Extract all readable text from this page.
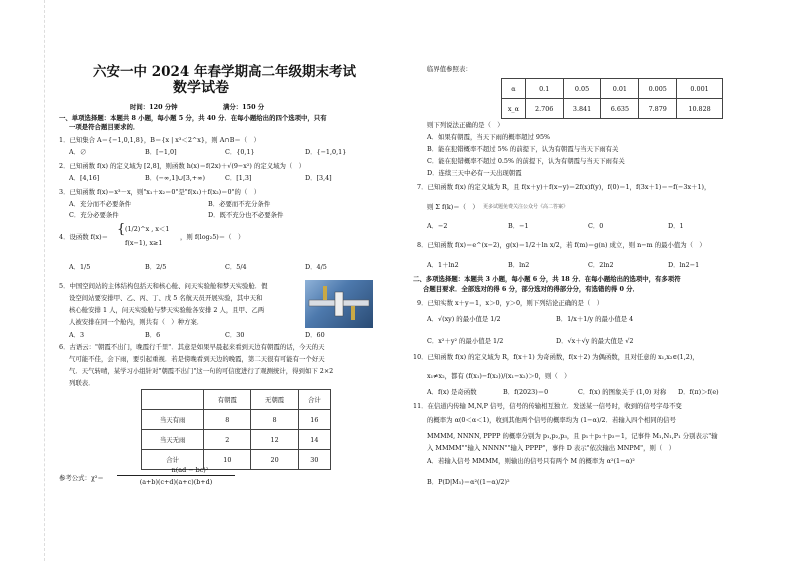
六安一中 2024 年春学期高二年级期末考试
数学试卷
时间：120 分钟	满分：150 分
一、单项选择题：本题共 8 小题，每小题 5 分，共 40 分．在每小题给出的四个选项中，只有
一项是符合题目要求的．
1．已知集合 A＝{−1,0,1,8}，B＝{x | x³＜2^x}，则 A∩B＝（　）
A．∅	B．[−1,0]	C．{0,1}	D．{−1,0,1}
2．已知函数 f(x) 的定义域为 [2,8]，则函数 h(x)＝f(2x)＋√(9−x²) 的定义域为（　）
A．[4,16]	B．(−∞,1]∪[3,+∞)	C．[1,3]	D．[3,4]
3．已知函数 f(x)＝x³－x，则"x₁＋x₂＝0"是"f(x₁)＋f(x₂)＝0"的（　）
A．充分而不必要条件	B．必要而不充分条件
C．充分必要条件	D．既不充分也不必要条件
4．设函数 f(x)＝ { (1/2)^x , x＜1
f(x−1), x≥1
，则 f(log₂5)＝（　）
A．1/5	B．2/5	C．5/4	D．4/5
5．中国空间站的主体结构包括天和核心舱、问天实验舱和梦天实验舱．假
设空间站要安排甲、乙、丙、丁、戊 5 名航天员开展实验，其中天和
核心舱安排 1 人，问天实验舱与梦天实验舱各安排 2 人，且甲、乙两
人被安排在同一个舱内，则共有（　）种方案．
A．3	B．6	C．30	D．60
6．古语云："朝霞不出门，晚霞行千里"．其意是如果早晨起来看到天边有朝霞的话，今天的天
气可能不佳，会下雨，要引起重视．若是傍晚看到天边的晚霞，第二天很有可能有一个好天
气．天气转晴，某学习小组针对"朝霞不出门"这一句的可信度进行了观测统计，得到如下 2×2
列联表．
	有朝霞	无朝霞	合计
当天有雨	8	8	16
当天无雨	2	12	14
合计	10	20	30
参考公式：χ²＝
n(ad − bc)²
(a+b)(c+d)(a+c)(b+d)
临界值参照表：
α	0.1	0.05	0.01	0.005	0.001
x_α	2.706	3.841	6.635	7.879	10.828
则下列说法正确的是（　）
A．如果有朝霞，当天下雨的概率超过 95%
B．能在犯错概率不超过 5% 的前提下，认为有朝霞与当天下雨有关
C．能在犯错概率不超过 0.5% 的前提下，认为有朝霞与当天下雨有关
D．连续三天中必有一天出现朝霞
7．已知函数 f(x) 的定义域为 R，且 f(x＋y)＋f(x−y)＝2f(x)f(y)，f(0)＝1，f(3x＋1)＝−f(−3x＋1)，
则 Σ f(k)＝（　） 更多试题免费关注公众号《高二答案》
A．−2	B．−1	C．0	D．1
8．已知函数 f(x)＝e^(x−2)，g(x)＝1/2＋ln x/2，若 f(m)＝g(n) 成立，则 n−m 的最小值为（　）
A．1＋ln2	B．ln2	C．2ln2	D．ln2−1
二、多项选择题：本题共 3 小题，每小题 6 分，共 18 分．在每小题给出的选项中，有多项符
合题目要求．全部选对的得 6 分，部分选对的得部分分，有选错的得 0 分．
9．已知实数 x＋y＝1，x＞0，y＞0，则下列结论正确的是（　）
A．√(xy) 的最小值是 1/2	B．1/x＋1/y 的最小值是 4
C．x²＋y² 的最小值是 1/2	D．√x＋√y 的最大值是 √2
10．已知函数 f(x) 的定义域为 R，f(x＋1) 为奇函数，f(x＋2) 为偶函数，且对任意的 x₁,x₂∈(1,2)，
x₁≠x₂，都有 (f(x₁)−f(x₂))/(x₁−x₂)＞0，则（　）
A．f(x) 是奇函数	B．f(2023)＝0	C．f(x) 的图象关于 (1,0) 对称 D．f(π)＞f(e)
11．在信道内传输 M,N,P 信号，信号的传输相互独立．发送某一信号时，收到的信号字母不变
的概率为 α(0＜α＜1)，收到其他两个信号的概率均为 (1−α)/2．若输入四个相同的信号
MMMM, NNNN, PPPP 的概率分别为 p₁,p₂,p₃，且 p₁＋p₂＋p₃＝1，记事件 M₁,N₁,P₁ 分别表示"输
入 MMMM""输入 NNNN""输入 PPPP"，事件 D 表示"依次输出 MNPM"，则（　）
A．若输入信号 MMMM，则输出的信号只有两个 M 的概率为 α²(1−α)²
B．P(D|M₁)＝α²((1−α)/2)²
